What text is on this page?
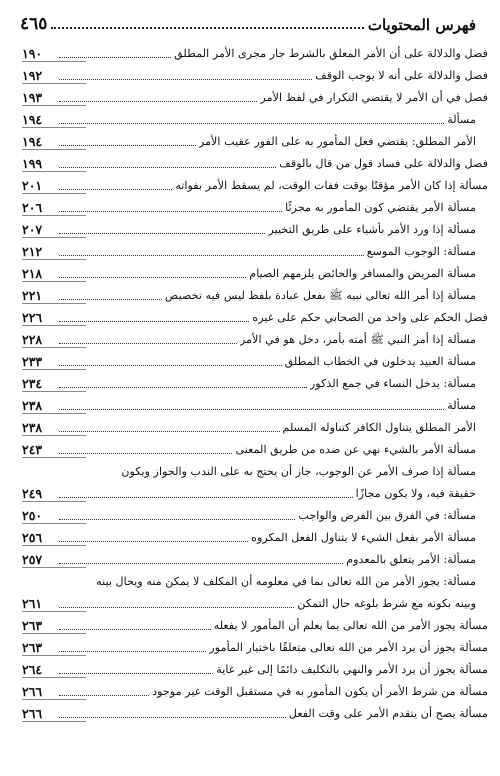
فهرس المحتويات
٤٦٥
فصل والدلالة على أن الأمر المعلق بالشرط جار مجرى الأمر المطلق
١٩٠
فصل والدلالة على أنه لا يوجب الوقف
١٩٢
فصل في أن الأمر لا يقتضي التكرار في لفظ الأمر
١٩٣
مسألة
١٩٤
الأمر المطلق: يقتضي فعل المأمور به على الفور عقيب الأمر
١٩٤
فصل والدلالة على فساد قول من قال بالوقف
١٩٩
مسألة إذا كان الأمر مؤقتًا بوقت ففات الوقت، لم يسقط الأمر بفواته
٢٠١
مسألة الأمر يقتضي كون المأمور به مجزئًا
٢٠٦
مسألة إذا ورد الأمر بأشياء على طريق التخيير
٢٠٧
مسألة: الوجوب الموسع
٢١٢
مسألة المريض والمسافر والحائض يلزمهم الصيام
٢١٨
مسألة إذا أمر الله تعالى نبيه ﷺ بفعل عبادة بلفظ ليس فيه تخصيص
٢٢١
فصل الحكم على واحد من الصحابي حكم على غيره
٢٢٦
مسألة إذا أمر النبي ﷺ أمته بأمر، دخل هو في الأمر
٢٢٨
مسألة العبيد يدخلون في الخطاب المطلق
٢٣٣
مسألة: يدخل النساء في جمع الذكور
٢٣٤
مسألة
٢٣٨
الأمر المطلق يتناول الكافر كتناوله المسلم
٢٣٨
مسألة الأمر بالشيء نهي عن ضده من طريق المعنى
٢٤٣
مسألة إذا صرف الأمر عن الوجوب، جاز أن يحتج به على الندب والجواز ويكون
حقيقة فيه، ولا يكون مجازًا
٢٤٩
مسألة: في الفرق بين الفرض والواجب
٢٥٠
مسألة الأمر بفعل الشيء لا يتناول الفعل المكروه
٢٥٦
مسألة: الأمر يتعلق بالمعدوم
٢٥٧
مسألة: يجوز الأمر من الله تعالى بما في معلومه أن المكلف لا يمكن منه ويحال بينه
وبينه بكونه مع شرط بلوغه حال التمكن
٢٦١
مسألة يجوز الأمر من الله تعالى بما يعلم أن المأمور لا يفعله
٢٦٣
مسألة يجوز أن يرد الأمر من الله تعالى متعلقًا باختيار المأمور
٢٦٣
مسألة يجوز أن يرد الأمر والنهي بالتكليف دائمًا إلى غير غاية
٢٦٤
مسألة من شرط الأمر أن يكون المأمور به في مستقبل الوقت غير موجود
٢٦٦
مسألة يصح أن يتقدم الأمر على وقت الفعل
٢٦٦
